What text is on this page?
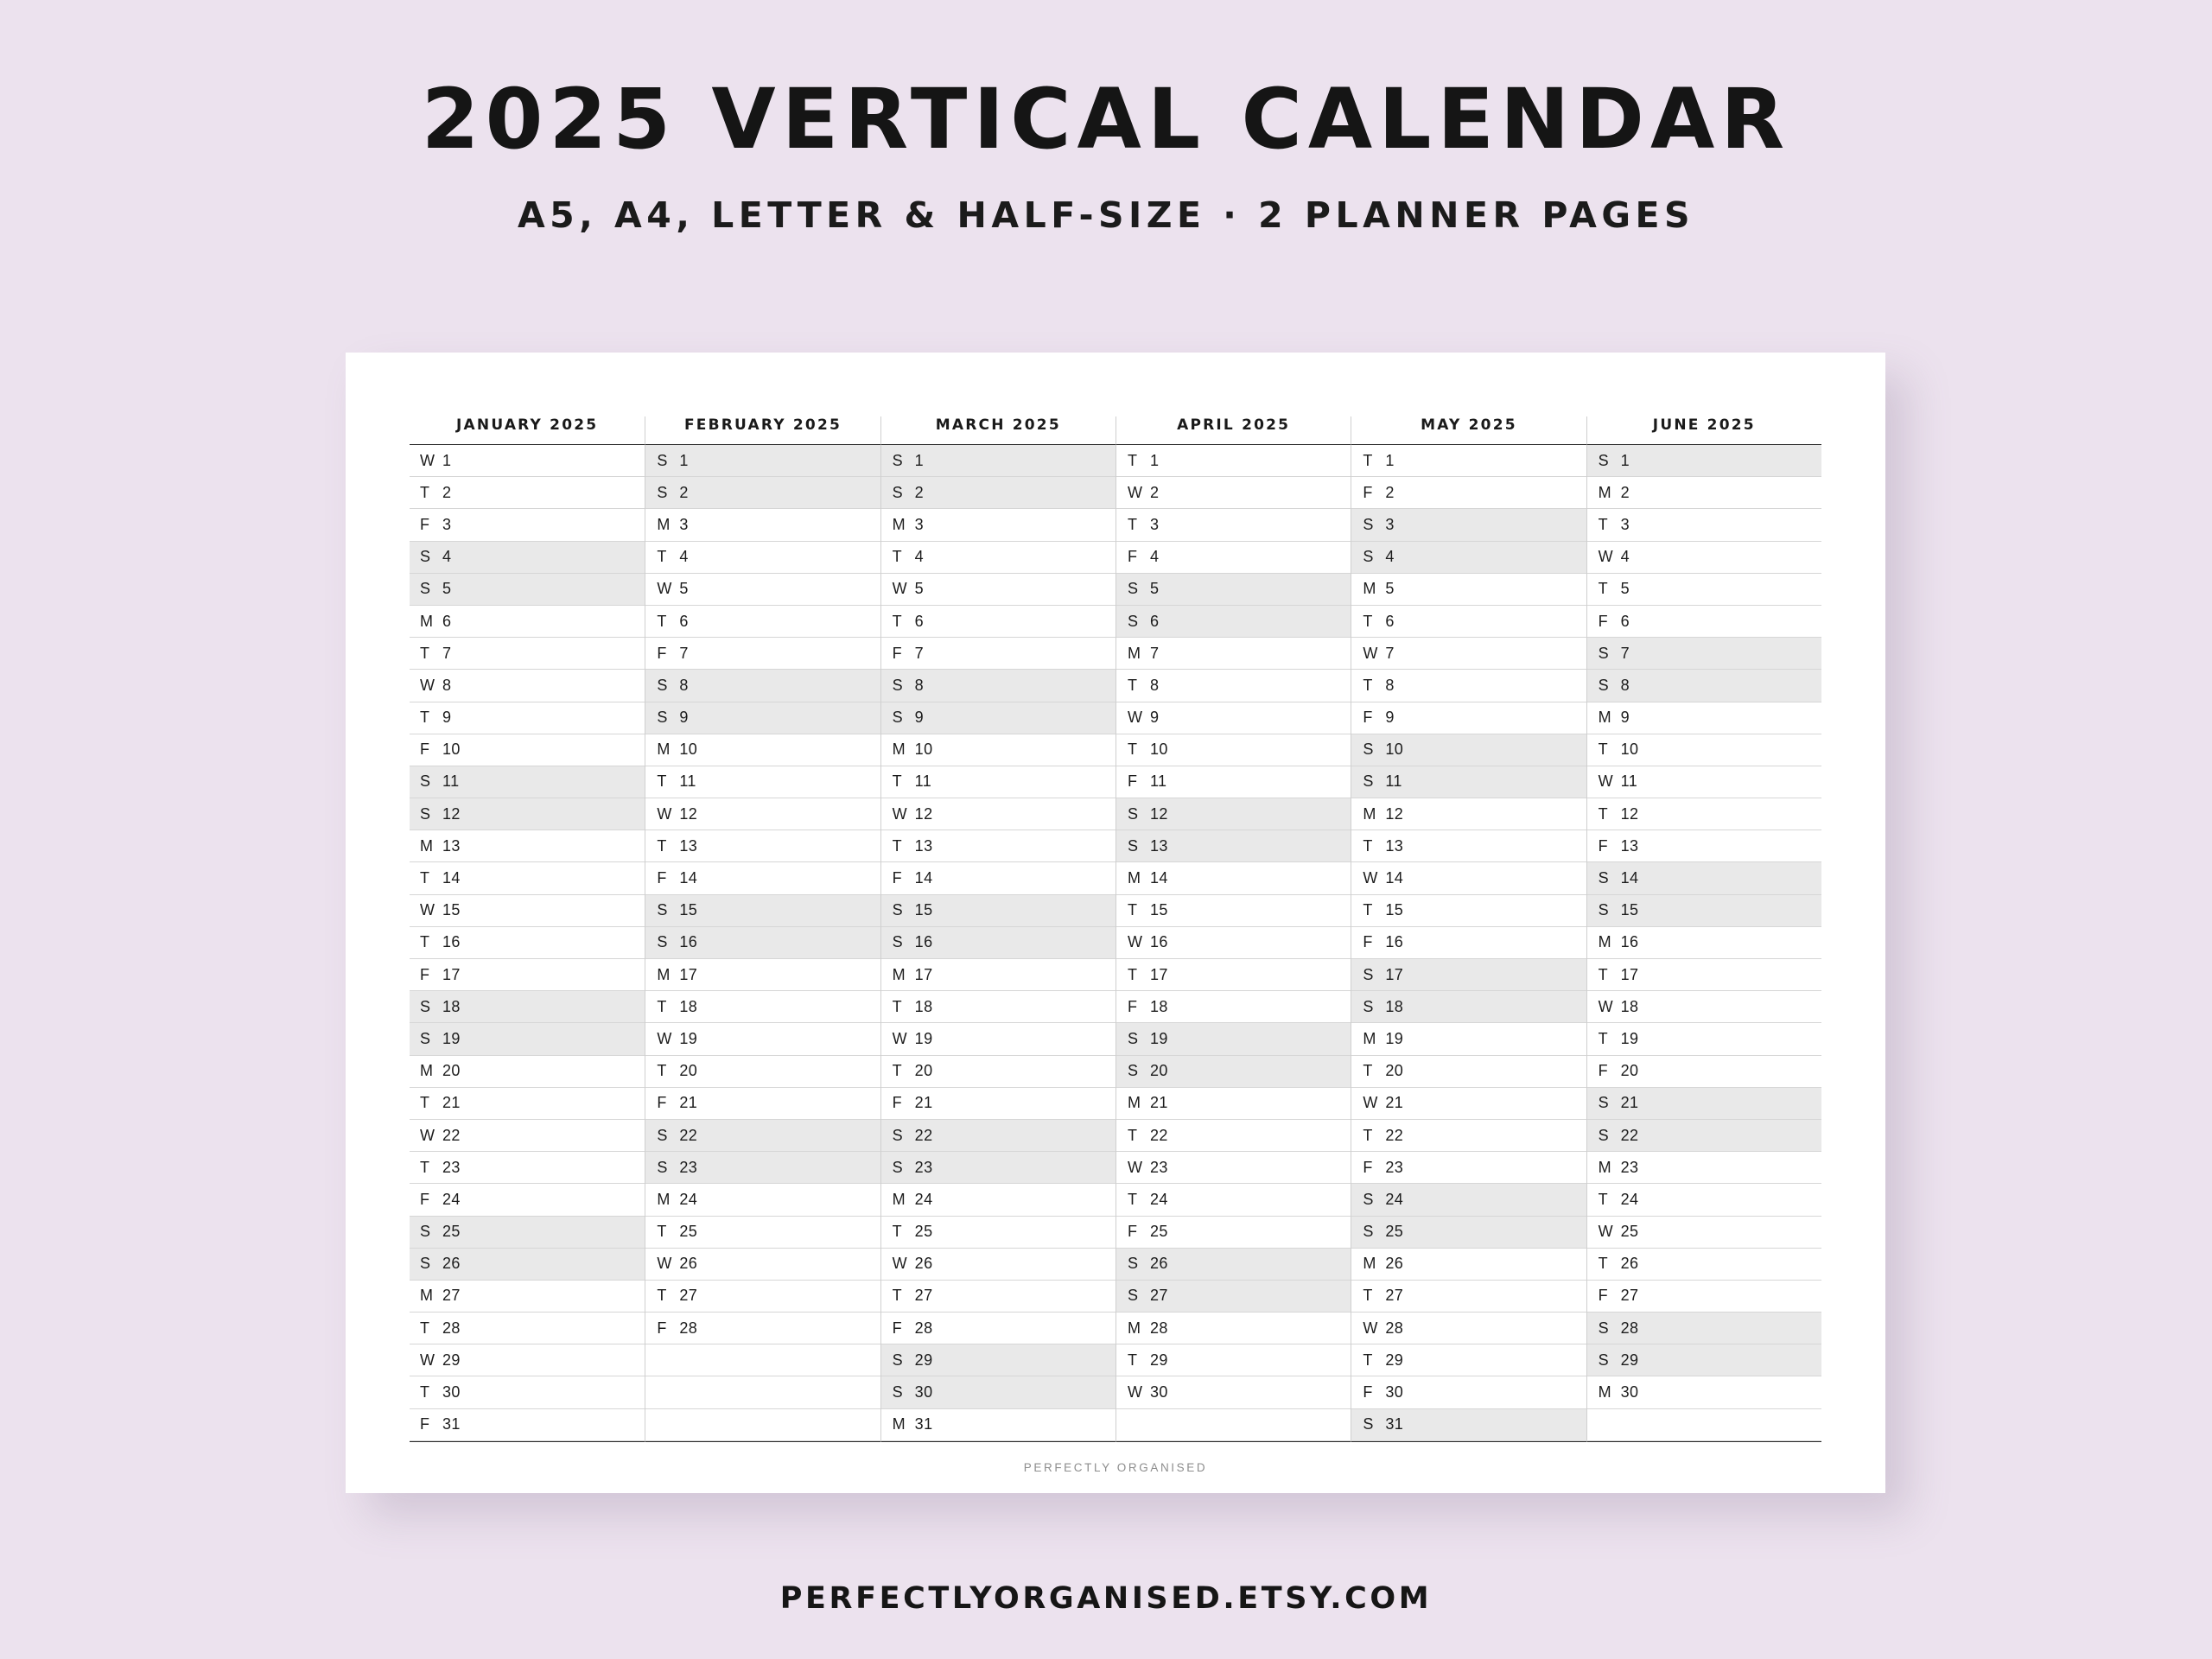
2025 VERTICAL CALENDAR
A5, A4, LETTER & HALF-SIZE · 2 PLANNER PAGES
JANUARY 2025
W 1
T 2
F 3
S 4
S 5
M 6
T 7
W 8
T 9
F 10
S 11
S 12
M 13
T 14
W 15
T 16
F 17
S 18
S 19
M 20
T 21
W 22
T 23
F 24
S 25
S 26
M 27
T 28
W 29
T 30
F 31
FEBRUARY 2025
S 1
S 2
M 3
T 4
W 5
T 6
F 7
S 8
S 9
M 10
T 11
W 12
T 13
F 14
S 15
S 16
M 17
T 18
W 19
T 20
F 21
S 22
S 23
M 24
T 25
W 26
T 27
F 28
MARCH 2025
S 1
S 2
M 3
T 4
W 5
T 6
F 7
S 8
S 9
M 10
T 11
W 12
T 13
F 14
S 15
S 16
M 17
T 18
W 19
T 20
F 21
S 22
S 23
M 24
T 25
W 26
T 27
F 28
S 29
S 30
M 31
APRIL 2025
T 1
W 2
T 3
F 4
S 5
S 6
M 7
T 8
W 9
T 10
F 11
S 12
S 13
M 14
T 15
W 16
T 17
F 18
S 19
S 20
M 21
T 22
W 23
T 24
F 25
S 26
S 27
M 28
T 29
W 30
MAY 2025
T 1
F 2
S 3
S 4
M 5
T 6
W 7
T 8
F 9
S 10
S 11
M 12
T 13
W 14
T 15
F 16
S 17
S 18
M 19
T 20
W 21
T 22
F 23
S 24
S 25
M 26
T 27
W 28
T 29
F 30
S 31
JUNE 2025
S 1
M 2
T 3
W 4
T 5
F 6
S 7
S 8
M 9
T 10
W 11
T 12
F 13
S 14
S 15
M 16
T 17
W 18
T 19
F 20
S 21
S 22
M 23
T 24
W 25
T 26
F 27
S 28
S 29
M 30
PERFECTLY ORGANISED
PERFECTLYORGANISED.ETSY.COM
